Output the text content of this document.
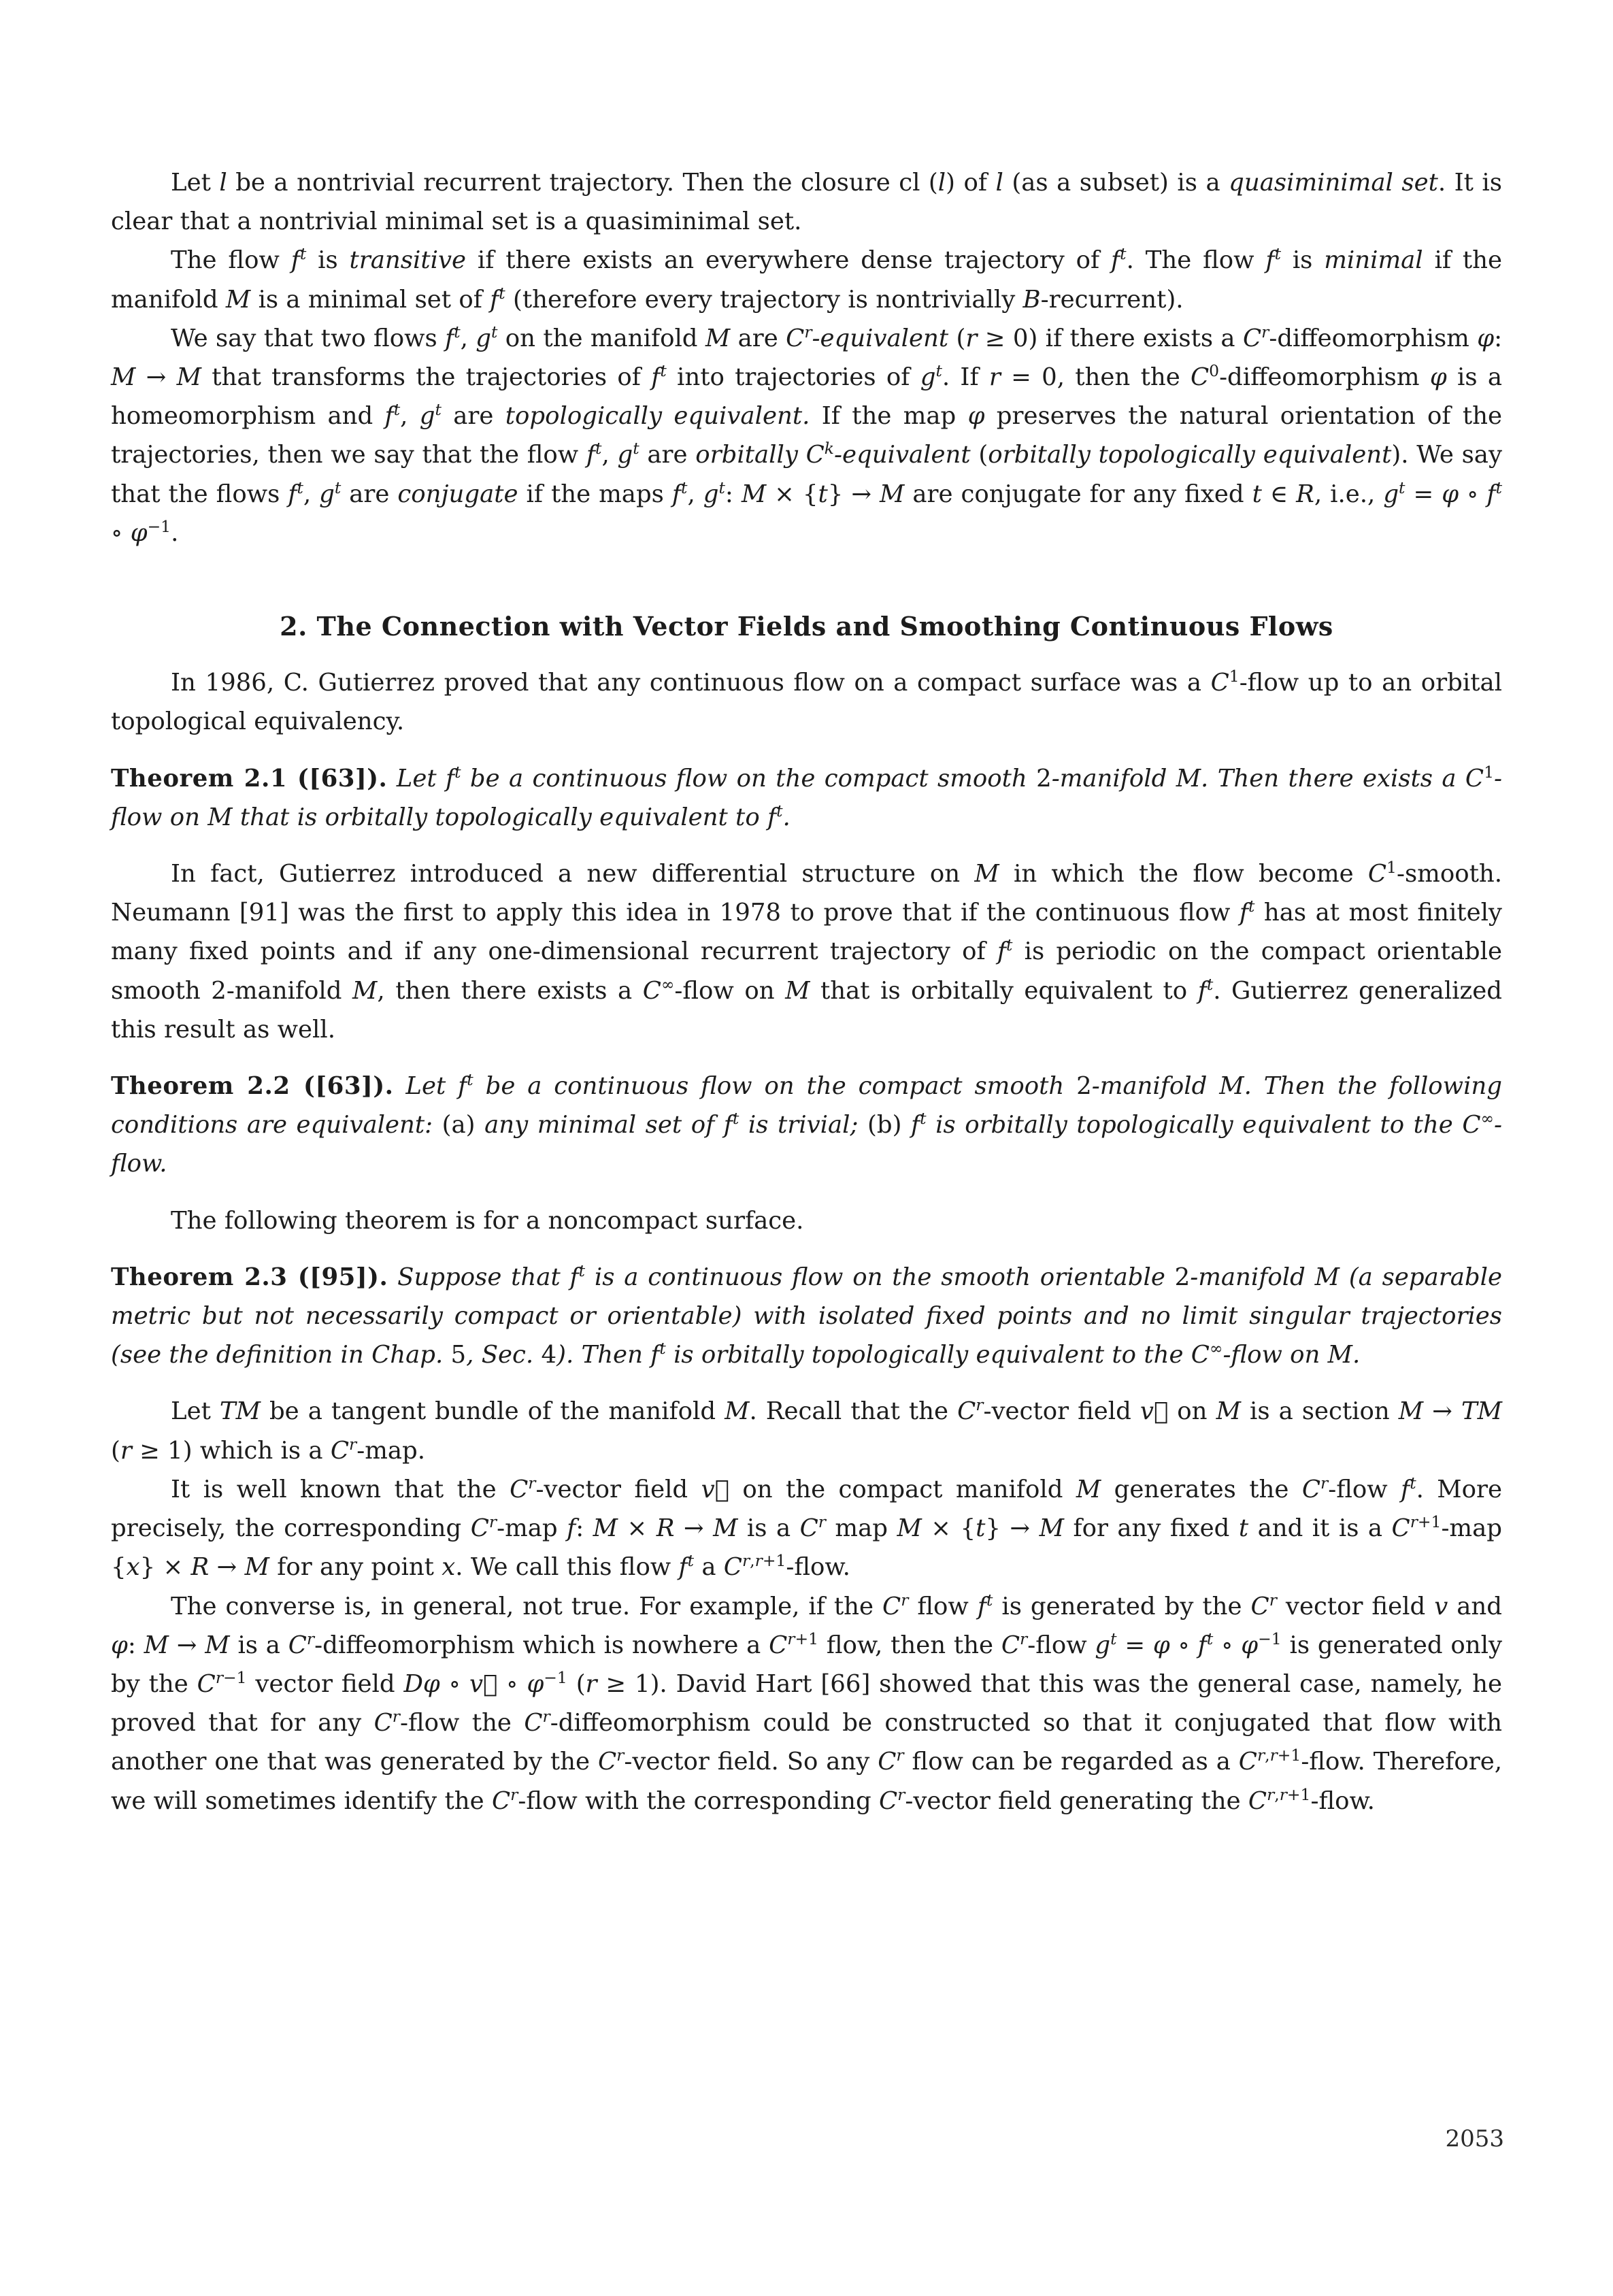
Let l be a nontrivial recurrent trajectory. Then the closure cl (l) of l (as a subset) is a quasiminimal set. It is clear that a nontrivial minimal set is a quasiminimal set.

The flow $f^t$ is transitive if there exists an everywhere dense trajectory of $f^t$. The flow $f^t$ is minimal if the manifold M is a minimal set of $f^t$ (therefore every trajectory is nontrivially B-recurrent).

We say that two flows $f^t$, $g^t$ on the manifold M are $C^r$-equivalent (r ≥ 0) if there exists a $C^r$-diffeomorphism φ: M → M that transforms the trajectories of $f^t$ into trajectories of $g^t$. If r = 0, then the $C^0$-diffeomorphism φ is a homeomorphism and $f^t$, $g^t$ are topologically equivalent. If the map φ preserves the natural orientation of the trajectories, then we say that the flow $f^t$, $g^t$ are orbitally $C^k$-equivalent (orbitally topologically equivalent). We say that the flows $f^t$, $g^t$ are conjugate if the maps $f^t$, $g^t$: M × {t} → M are conjugate for any fixed t ∈ R, i.e., $g^t = \varphi$ ∘ $f^t$ ∘ $\varphi^{-1}$.

2. The Connection with Vector Fields and Smoothing Continuous Flows

In 1986, C. Gutierrez proved that any continuous flow on a compact surface was a $C^1$-flow up to an orbital topological equivalency.

Theorem 2.1 ([63]). Let $f^t$ be a continuous flow on the compact smooth 2-manifold M. Then there exists a $C^1$-flow on M that is orbitally topologically equivalent to $f^t$.

In fact, Gutierrez introduced a new differential structure on M in which the flow become $C^1$-smooth. Neumann [91] was the first to apply this idea in 1978 to prove that if the continuous flow $f^t$ has at most finitely many fixed points and if any one-dimensional recurrent trajectory of $f^t$ is periodic on the compact orientable smooth 2-manifold M, then there exists a C∞-flow on M that is orbitally equivalent to $f^t$. Gutierrez generalized this result as well.

Theorem 2.2 ([63]). Let $f^t$ be a continuous flow on the compact smooth 2-manifold M. Then the following conditions are equivalent: (a) any minimal set of $f^t$ is trivial; (b) $f^t$ is orbitally topologically equivalent to the C∞-flow.

The following theorem is for a noncompact surface.

Theorem 2.3 ([95]). Suppose that $f^t$ is a continuous flow on the smooth orientable 2-manifold M (a separable metric but not necessarily compact or orientable) with isolated fixed points and no limit singular trajectories (see the definition in Chap. 5, Sec. 4). Then $f^t$ is orbitally topologically equivalent to the C∞-flow on M.

Let TM be a tangent bundle of the manifold M. Recall that the $C^r$-vector field v⃗ on M is a section M → TM (r ≥ 1) which is a $C^r$-map.

It is well known that the $C^r$-vector field v⃗ on the compact manifold M generates the $C^r$-flow $f^t$. More precisely, the corresponding $C^r$-map f: M × R → M is a $C^r$ map M × {t} → M for any fixed t and it is a $C^{r+1}$-map {x} × R → M for any point x. We call this flow $f^t$ a $C^{r,r+1}$-flow.

The converse is, in general, not true. For example, if the $C^r$ flow $f^t$ is generated by the $C^r$ vector field v and φ: M → M is a $C^r$-diffeomorphism which is nowhere a $C^{r+1}$ flow, then the $C^r$-flow $g^t = \varphi$ ∘ $f^t$ ∘ $\varphi^{-1}$ is generated only by the $C^{r-1}$ vector field Dφ ∘ v⃗ ∘ $\varphi^{-1}$ (r ≥ 1). David Hart [66] showed that this was the general case, namely, he proved that for any $C^r$-flow the $C^r$-diffeomorphism could be constructed so that it conjugated that flow with another one that was generated by the $C^r$-vector field. So any $C^r$ flow can be regarded as a $C^{r,r+1}$-flow. Therefore, we will sometimes identify the $C^r$-flow with the corresponding $C^r$-vector field generating the $C^{r,r+1}$-flow.

2053
